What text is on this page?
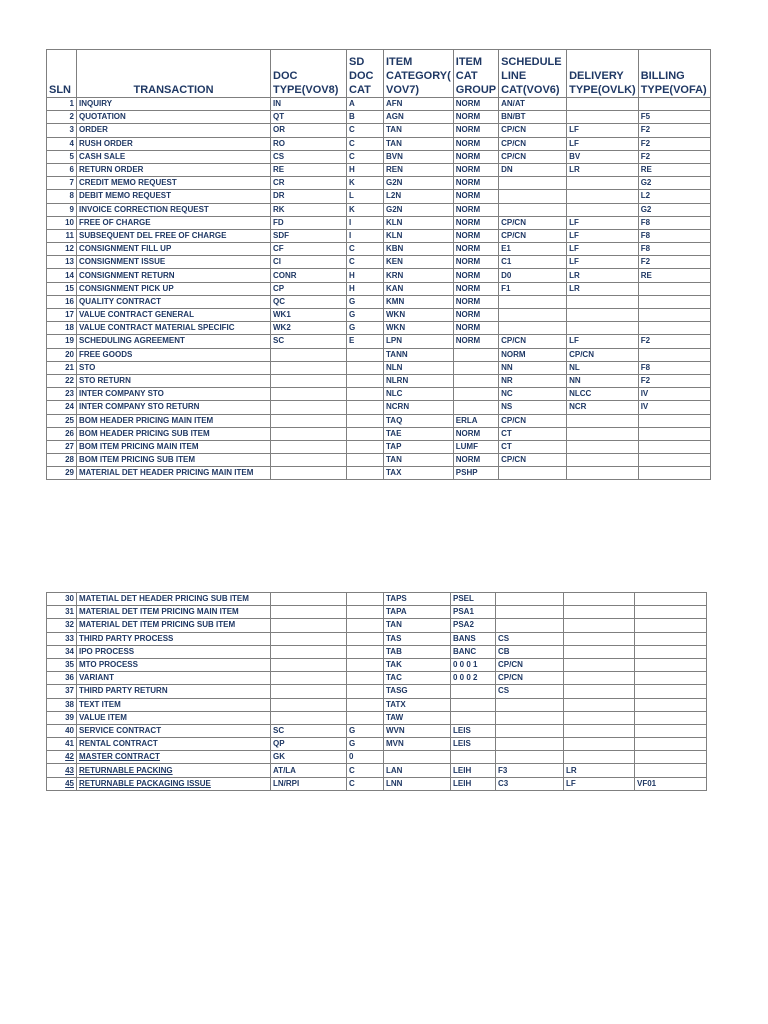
SLN	TRANSACTION	DOC TYPE(VOV8)	SD DOC CAT	ITEM CATEGORY( VOV7)	ITEM CAT GROUP	SCHEDULE LINE CAT(VOV6)	DELIVERY TYPE(OVLK)	BILLING TYPE(VOFA)
1	INQUIRY	IN	A	AFN	NORM	AN/AT		
2	QUOTATION	QT	B	AGN	NORM	BN/BT		F5
3	ORDER	OR	C	TAN	NORM	CP/CN	LF	F2
4	RUSH ORDER	RO	C	TAN	NORM	CP/CN	LF	F2
5	CASH SALE	CS	C	BVN	NORM	CP/CN	BV	F2
6	RETURN ORDER	RE	H	REN	NORM	DN	LR	RE
7	CREDIT MEMO REQUEST	CR	K	G2N	NORM			G2
8	DEBIT MEMO REQUEST	DR	L	L2N	NORM			L2
9	INVOICE CORRECTION REQUEST	RK	K	G2N	NORM			G2
10	FREE OF CHARGE	FD	I	KLN	NORM	CP/CN	LF	F8
11	SUBSEQUENT DEL FREE OF CHARGE	SDF	I	KLN	NORM	CP/CN	LF	F8
12	CONSIGNMENT FILL UP	CF	C	KBN	NORM	E1	LF	F8
13	CONSIGNMENT ISSUE	CI	C	KEN	NORM	C1	LF	F2
14	CONSIGNMENT RETURN	CONR	H	KRN	NORM	D0	LR	RE
15	CONSIGNMENT PICK UP	CP	H	KAN	NORM	F1	LR	
16	QUALITY CONTRACT	QC	G	KMN	NORM			
17	VALUE CONTRACT GENERAL	WK1	G	WKN	NORM			
18	VALUE CONTRACT MATERIAL SPECIFIC	WK2	G	WKN	NORM			
19	SCHEDULING AGREEMENT	SC	E	LPN	NORM	CP/CN	LF	F2
20	FREE GOODS			TANN		NORM	CP/CN	
21	STO			NLN		NN	NL	F8
22	STO RETURN			NLRN		NR	NN	F2
23	INTER COMPANY STO			NLC		NC	NLCC	IV
24	INTER COMPANY STO RETURN			NCRN		NS	NCR	IV
25	BOM HEADER PRICING MAIN ITEM			TAQ	ERLA	CP/CN		
26	BOM HEADER PRICING SUB ITEM			TAE	NORM	CT		
27	BOM ITEM PRICING MAIN ITEM			TAP	LUMF	CT		
28	BOM ITEM PRICING SUB ITEM			TAN	NORM	CP/CN		
29	MATERIAL DET HEADER PRICING MAIN ITEM			TAX	PSHP			
30	MATETIAL DET HEADER PRICING SUB ITEM			TAPS	PSEL			
31	MATERIAL DET ITEM PRICING MAIN ITEM			TAPA	PSA1			
32	MATERIAL DET ITEM PRICING SUB ITEM			TAN	PSA2			
33	THIRD PARTY PROCESS			TAS	BANS	CS		
34	IPO PROCESS			TAB	BANC	CB		
35	MTO PROCESS			TAK	0 0 0 1	CP/CN		
36	VARIANT			TAC	0 0 0 2	CP/CN		
37	THIRD PARTY RETURN			TASG		CS		
38	TEXT ITEM			TATX				
39	VALUE ITEM			TAW				
40	SERVICE CONTRACT	SC	G	WVN	LEIS			
41	RENTAL CONTRACT	QP	G	MVN	LEIS			
42	MASTER CONTRACT	GK	0					
43	RETURNABLE PACKING	AT/LA	C	LAN	LEIH	F3	LR	
45	RETURNABLE PACKAGING ISSUE	LN/RPI	C	LNN	LEIH	C3	LF	VF01
